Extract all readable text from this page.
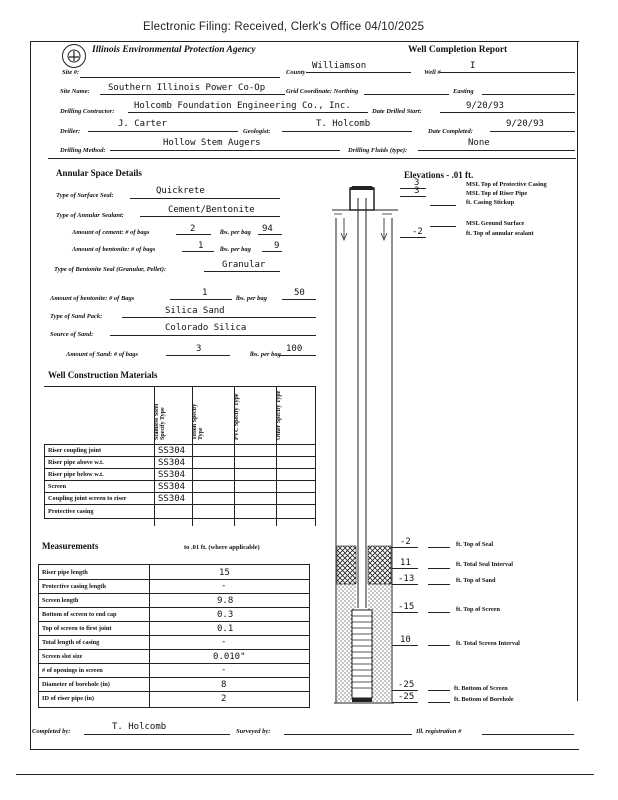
Electronic Filing: Received, Clerk's Office 04/10/2025
Illinois Environmental Protection Agency	Well Completion Report
Site #:	County
Williamson
Well #
I
Site Name: Southern Illinois Power Co-Op	Grid Coordinate: Northing	Easting
Drilling Contractor:
Holcomb Foundation Engineering Co., Inc.
Date Drilled Start:
9/20/93
Driller:
J. Carter
Geologist:
T. Holcomb
Date Completed:
9/20/93
Drilling Method:
Hollow Stem Augers
Drilling Fluids (type):
None
Annular Space Details
Type of Surface Seal:	Quickrete
Type of Annular Sealant:
Cement/Bentonite
Amount of cement: # of bags	2	lbs. per bag 94
Amount of bentonite: # of bags	1	lbs. per bag	9
Type of Bentonite Seal (Granular, Pellet):	Granular
Amount of bentonite: # of Bags
1
lbs. per bag
50
Type of Sand Pack:
Silica Sand
Source of Sand:
Colorado Silica
Amount of Sand: # of bags
3
lbs. per bag
100
Elevations - .01 ft.
3	MSL Top of Protective Casing
3	MSL Top of Riser Pipe
ft. Casing Stickup
MSL Ground Surface
-2	ft. Top of annular sealant
-2	ft. Top of Seal
11	ft. Total Seal Interval
-13	ft. Top of Sand
-15	ft. Top of Screen
10	ft. Total Screen Interval
-25	ft. Bottom of Screen
-25	ft. Bottom of Borehole
Well Construction Materials
Stainless Steel Specify Type	Teflon Specify Type	PVC Specify Type	Other Specify Type
Riser coupling joint	SS304
Riser pipe above w.t.	SS304
Riser pipe below w.t.	SS304
Screen	SS304
Coupling joint screen to riser	SS304
Protective casing
Measurements	to .01 ft. (where applicable)
Riser pipe length	15
Protective casing length	-
Screen length	9.8
Bottom of screen to end cap	0.3
Top of screen to first joint	0.1
Total length of casing	-
Screen slot size	0.010"
# of openings in screen	-
Diameter of borehole (in)	8
ID of riser pipe (in)	2
Completed by:	T. Holcomb	Surveyed by:	Ill. registration #
